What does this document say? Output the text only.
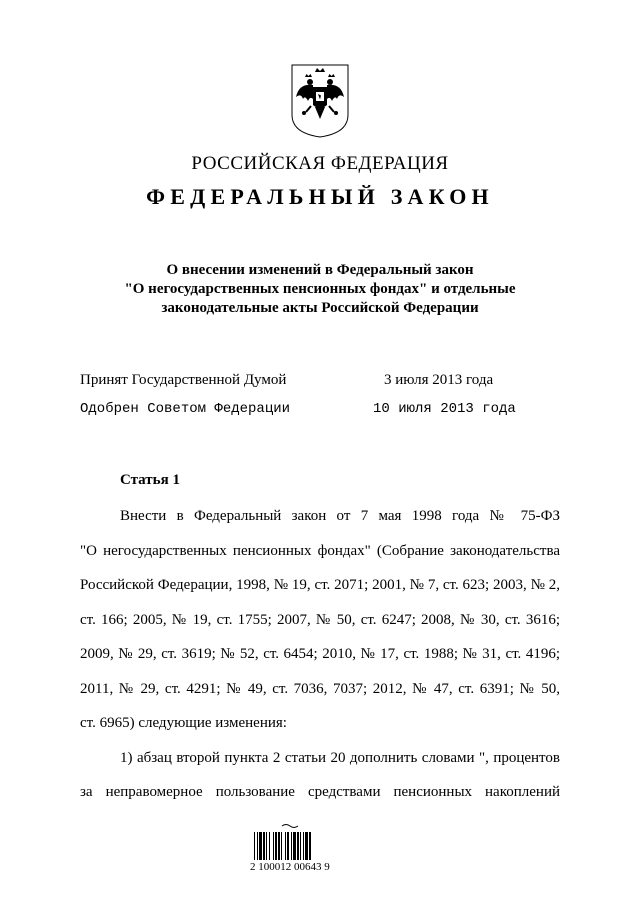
РОССИЙСКАЯ ФЕДЕРАЦИЯ
ФЕДЕРАЛЬНЫЙ ЗАКОН
О внесении изменений в Федеральный закон
"О негосударственных пенсионных фондах" и отдельные
законодательные акты Российской Федерации
Принят Государственной Думой	3 июля 2013 года
Одобрен Советом Федерации	10 июля 2013 года
Статья 1
Внести в Федеральный закон от 7 мая 1998 года № 75-ФЗ
"О негосударственных пенсионных фондах" (Собрание законодательства
Российской Федерации, 1998, № 19, ст. 2071; 2001, № 7, ст. 623; 2003, № 2,
ст. 166; 2005, № 19, ст. 1755; 2007, № 50, ст. 6247; 2008, № 30, ст. 3616;
2009, № 29, ст. 3619; № 52, ст. 6454; 2010, № 17, ст. 1988; № 31, ст. 4196;
2011, № 29, ст. 4291; № 49, ст. 7036, 7037; 2012, № 47, ст. 6391; № 50,
ст. 6965) следующие изменения:
1) абзац второй пункта 2 статьи 20 дополнить словами ", процентов
за неправомерное пользование средствами пенсионных накоплений
2 100012 00643 9
